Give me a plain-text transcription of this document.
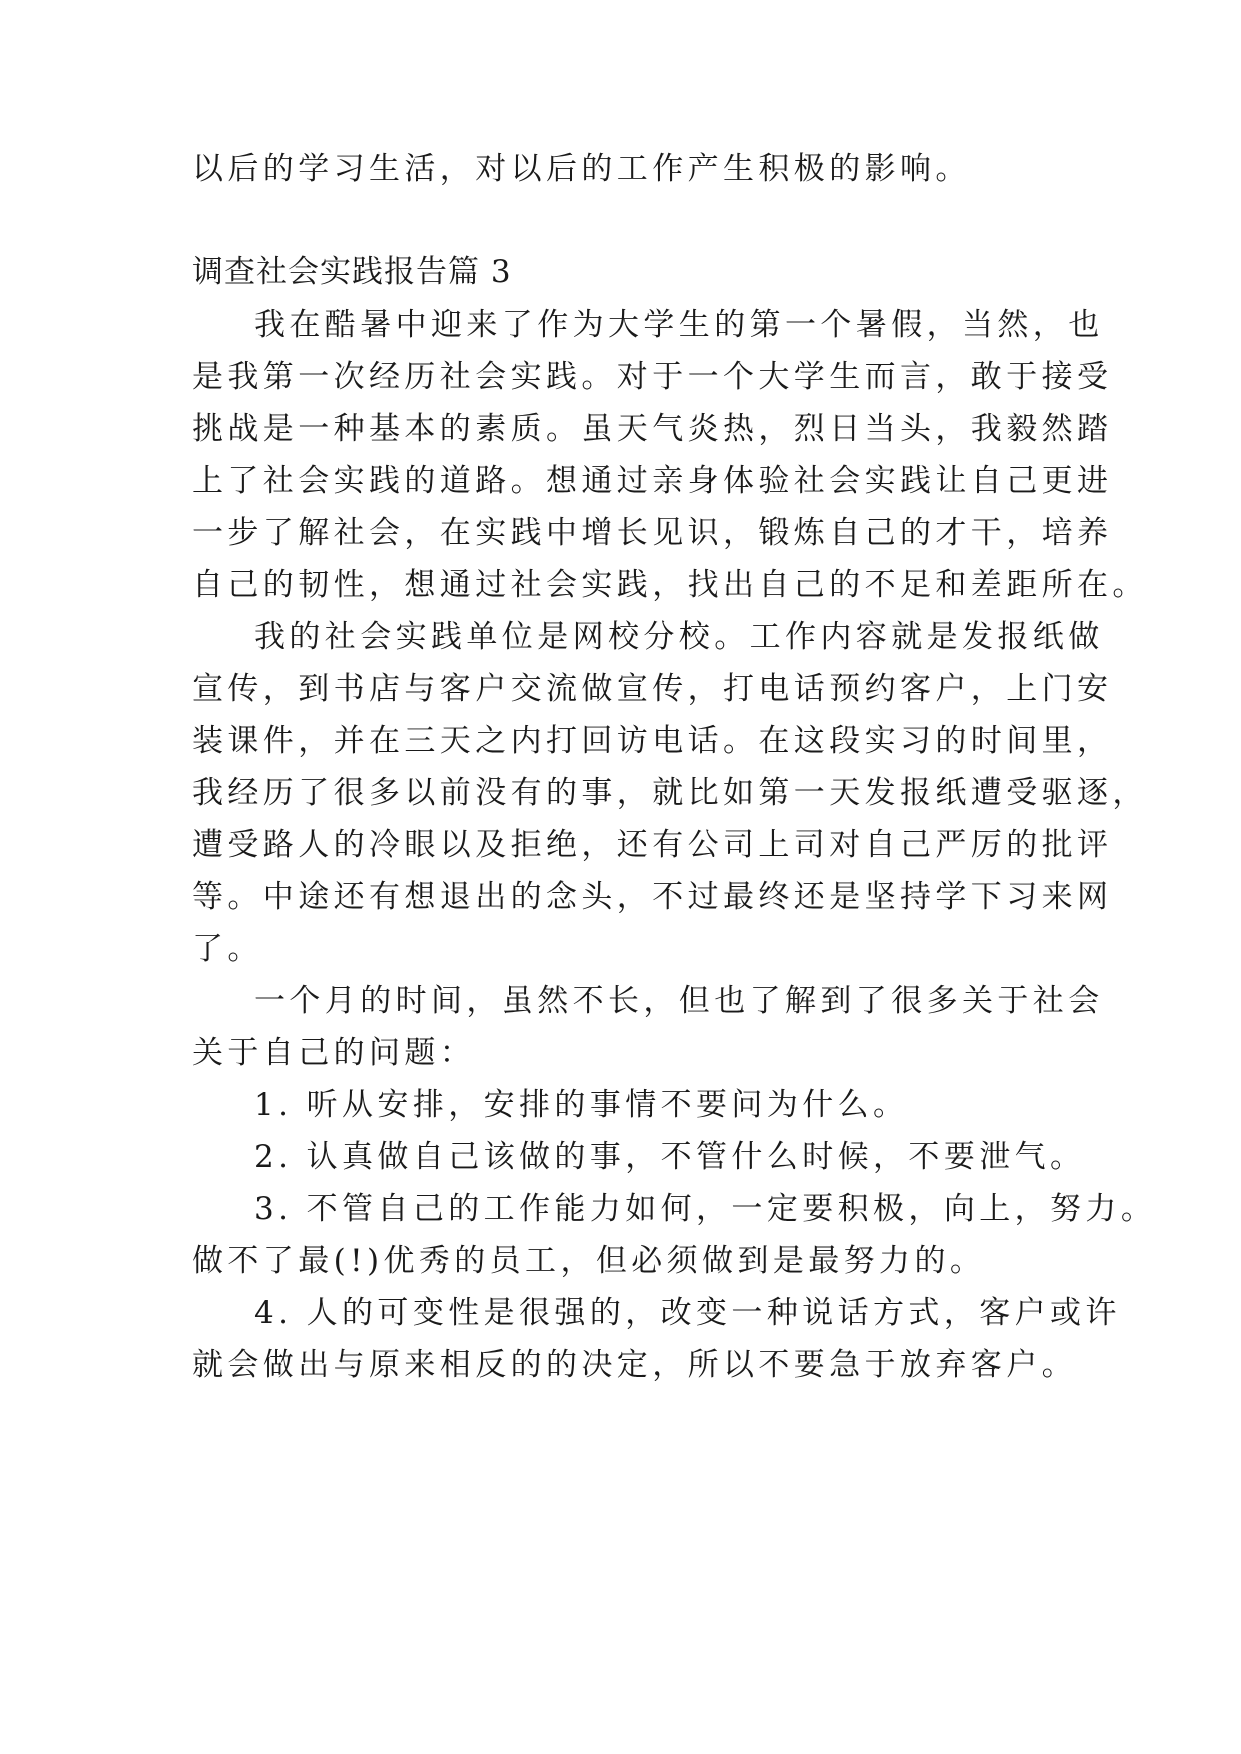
以后的学习生活，对以后的工作产生积极的影响。
调查社会实践报告篇 3
我在酷暑中迎来了作为大学生的第一个暑假，当然，也
是我第一次经历社会实践。对于一个大学生而言，敢于接受
挑战是一种基本的素质。虽天气炎热，烈日当头，我毅然踏
上了社会实践的道路。想通过亲身体验社会实践让自己更进
一步了解社会，在实践中增长见识，锻炼自己的才干，培养
自己的韧性，想通过社会实践，找出自己的不足和差距所在。
我的社会实践单位是网校分校。工作内容就是发报纸做
宣传，到书店与客户交流做宣传，打电话预约客户，上门安
装课件，并在三天之内打回访电话。在这段实习的时间里，
我经历了很多以前没有的事，就比如第一天发报纸遭受驱逐，
遭受路人的冷眼以及拒绝，还有公司上司对自己严厉的批评
等。中途还有想退出的念头，不过最终还是坚持学下习来网
了。
一个月的时间，虽然不长，但也了解到了很多关于社会
关于自己的问题：
1. 听从安排，安排的事情不要问为什么。
2. 认真做自己该做的事，不管什么时候，不要泄气。
3. 不管自己的工作能力如何，一定要积极，向上，努力。
做不了最(!)优秀的员工，但必须做到是最努力的。
4. 人的可变性是很强的，改变一种说话方式，客户或许
就会做出与原来相反的的决定，所以不要急于放弃客户。
